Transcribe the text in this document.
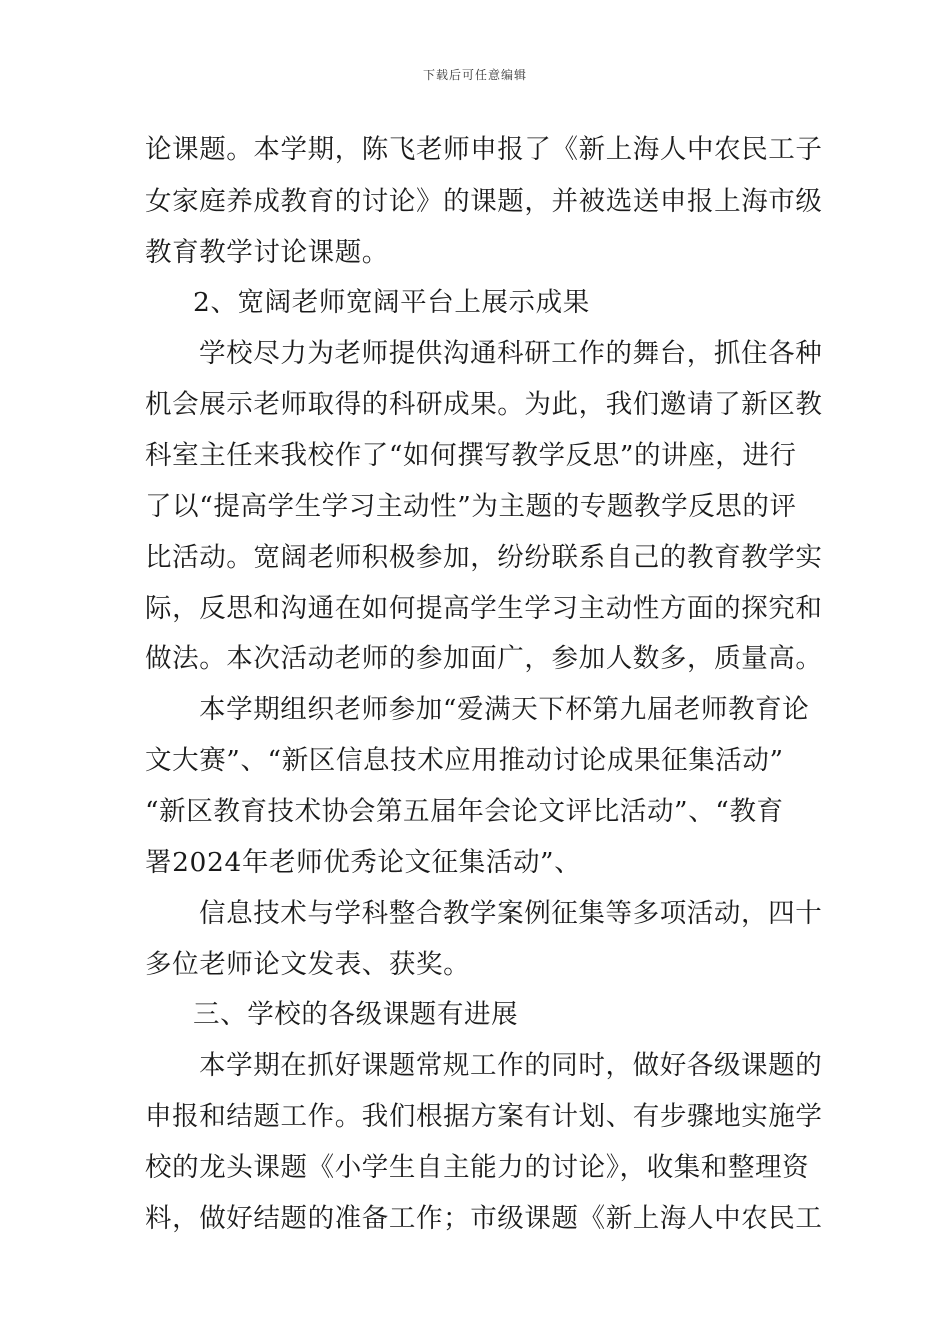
下载后可任意编辑
论课题。本学期，陈飞老师申报了《新上海人中农民工子
女家庭养成教育的讨论》的课题，并被选送申报上海市级
教育教学讨论课题。
2、宽阔老师宽阔平台上展示成果
学校尽力为老师提供沟通科研工作的舞台，抓住各种
机会展示老师取得的科研成果。为此，我们邀请了新区教
科室主任来我校作了“如何撰写教学反思”的讲座，进行
了以“提高学生学习主动性”为主题的专题教学反思的评
比活动。宽阔老师积极参加，纷纷联系自己的教育教学实
际，反思和沟通在如何提高学生学习主动性方面的探究和
做法。本次活动老师的参加面广，参加人数多，质量高。
本学期组织老师参加“爱满天下杯第九届老师教育论
文大赛”、“新区信息技术应用推动讨论成果征集活动”
“新区教育技术协会第五届年会论文评比活动”、“教育
署2024年老师优秀论文征集活动”、
信息技术与学科整合教学案例征集等多项活动，四十
多位老师论文发表、获奖。
三、学校的各级课题有进展
本学期在抓好课题常规工作的同时，做好各级课题的
申报和结题工作。我们根据方案有计划、有步骤地实施学
校的龙头课题《小学生自主能力的讨论》，收集和整理资
料，做好结题的准备工作；市级课题《新上海人中农民工
